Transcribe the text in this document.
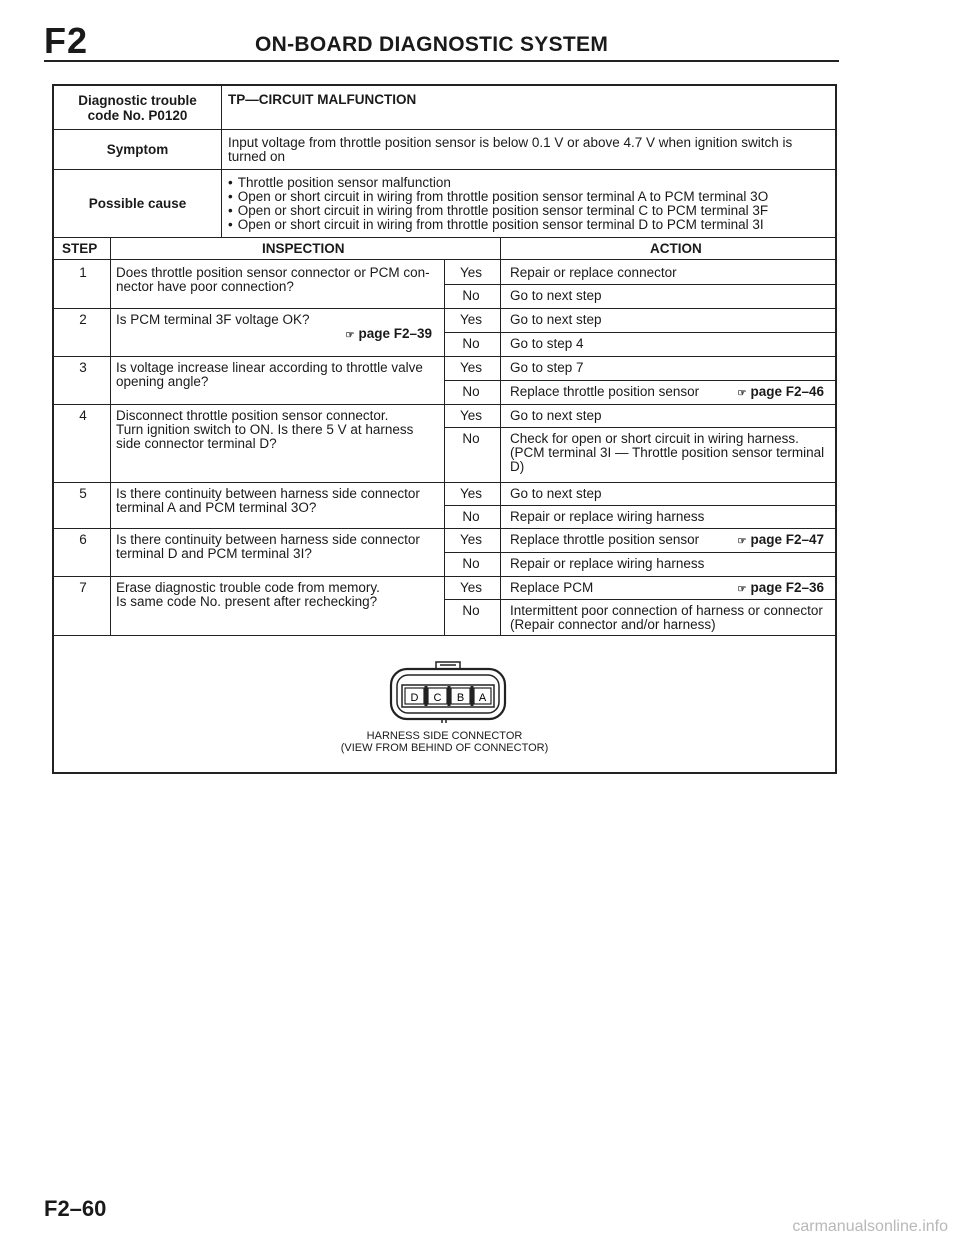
F2	ON-BOARD DIAGNOSTIC SYSTEM
Diagnostic trouble
code No. P0120
TP—CIRCUIT MALFUNCTION
Symptom	Input voltage from throttle position sensor is below 0.1 V or above 4.7 V when ignition switch is
turned on
Possible cause
• Throttle position sensor malfunction
• Open or short circuit in wiring from throttle position sensor terminal A to PCM terminal 3O
• Open or short circuit in wiring from throttle position sensor terminal C to PCM terminal 3F
• Open or short circuit in wiring from throttle position sensor terminal D to PCM terminal 3I
STEP	INSPECTION	ACTION
1	Does throttle position sensor connector or PCM con-
nector have poor connection?
Yes	Repair or replace connector
No	Go to next step
2	Is PCM terminal 3F voltage OK?
☞ page F2–39
Yes	Go to next step
No	Go to step 4
3	Is voltage increase linear according to throttle valve
opening angle?
Yes	Go to step 7
No	Replace throttle position sensor	☞ page F2–46
4	Disconnect throttle position sensor connector.
Turn ignition switch to ON. Is there 5 V at harness
side connector terminal D?
Yes	Go to next step
No	Check for open or short circuit in wiring harness.
(PCM terminal 3I — Throttle position sensor terminal
D)
5	Is there continuity between harness side connector
terminal A and PCM terminal 3O?
Yes	Go to next step
No	Repair or replace wiring harness
6	Is there continuity between harness side connector
terminal D and PCM terminal 3I?
Yes	Replace throttle position sensor	☞ page F2–47
No	Repair or replace wiring harness
7	Erase diagnostic trouble code from memory.
Is same code No. present after rechecking?
Yes	Replace PCM	☞ page F2–36
No	Intermittent poor connection of harness or connector
(Repair connector and/or harness)
D C B A
HARNESS SIDE CONNECTOR
(VIEW FROM BEHIND OF CONNECTOR)
F2–60
carmanualsonline.info
